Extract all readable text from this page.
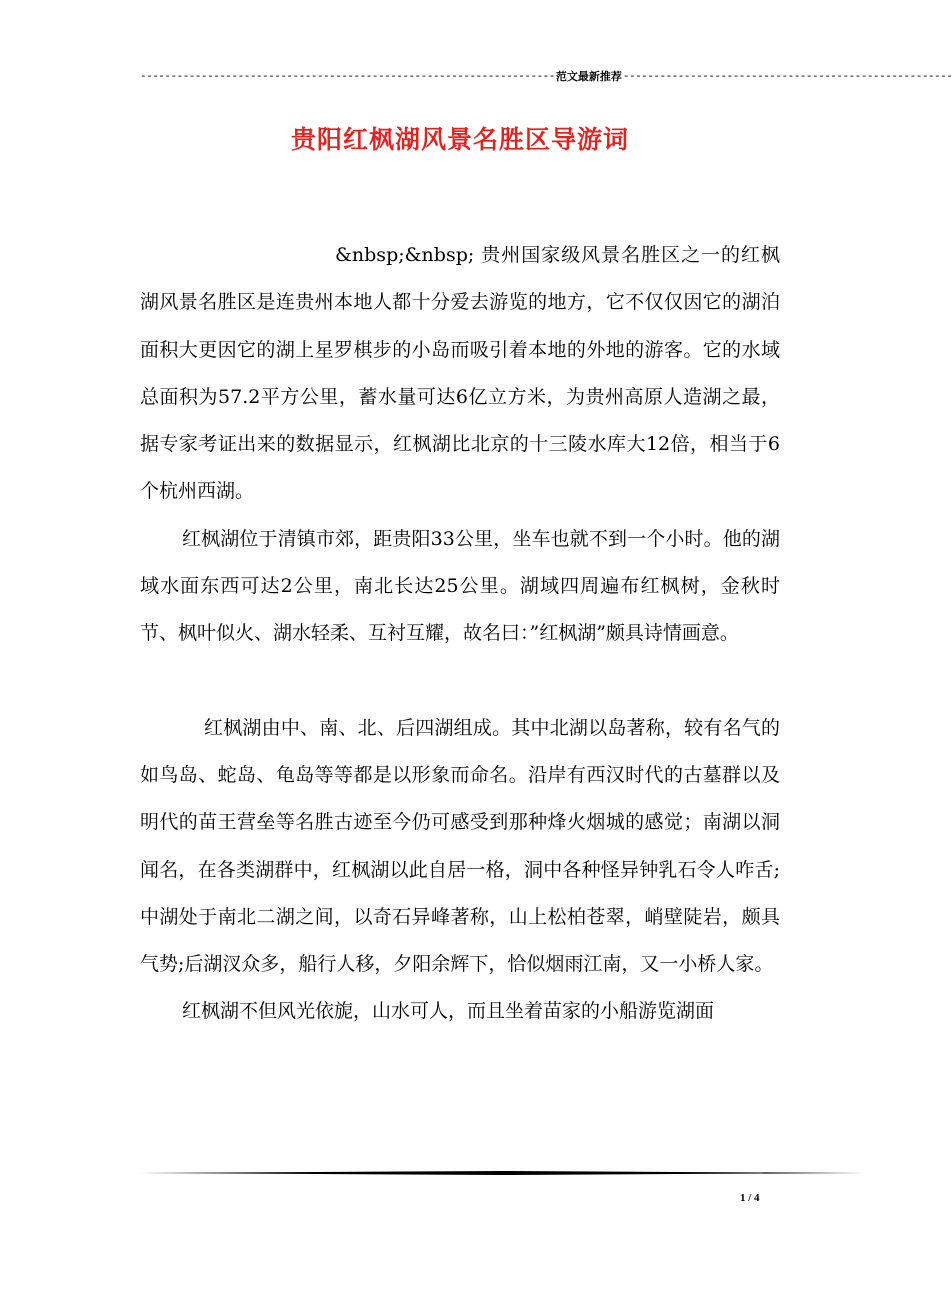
-------------------------------------------------------------------- 范文最新推荐 ------------------------------------------------------
贵阳红枫湖风景名胜区导游词

&nbsp;&nbsp; 贵州国家级风景名胜区之一的红枫湖风景名胜区是连贵州本地人都十分爱去游览的地方，它不仅仅因它的湖泊面积大更因它的湖上星罗棋步的小岛而吸引着本地的外地的游客。它的水域总面积为57.2平方公里，蓄水量可达6亿立方米，为贵州高原人造湖之最，据专家考证出来的数据显示，红枫湖比北京的十三陵水库大12倍，相当于6个杭州西湖。

红枫湖位于清镇市郊，距贵阳33公里，坐车也就不到一个小时。他的湖域水面东西可达2公里，南北长达25公里。湖域四周遍布红枫树，金秋时节、枫叶似火、湖水轻柔、互衬互耀，故名曰：”红枫湖”颇具诗情画意。

红枫湖由中、南、北、后四湖组成。其中北湖以岛著称，较有名气的如鸟岛、蛇岛、龟岛等等都是以形象而命名。沿岸有西汉时代的古墓群以及明代的苗王营垒等名胜古迹至今仍可感受到那种烽火烟城的感觉；南湖以洞闻名，在各类湖群中，红枫湖以此自居一格，洞中各种怪异钟乳石令人咋舌;中湖处于南北二湖之间，以奇石异峰著称，山上松柏苍翠，峭壁陡岩，颇具气势;后湖汊众多，船行人移，夕阳余辉下，恰似烟雨江南，又一小桥人家。

红枫湖不但风光依旎，山水可人，而且坐着苗家的小船游览湖面

1 / 4
